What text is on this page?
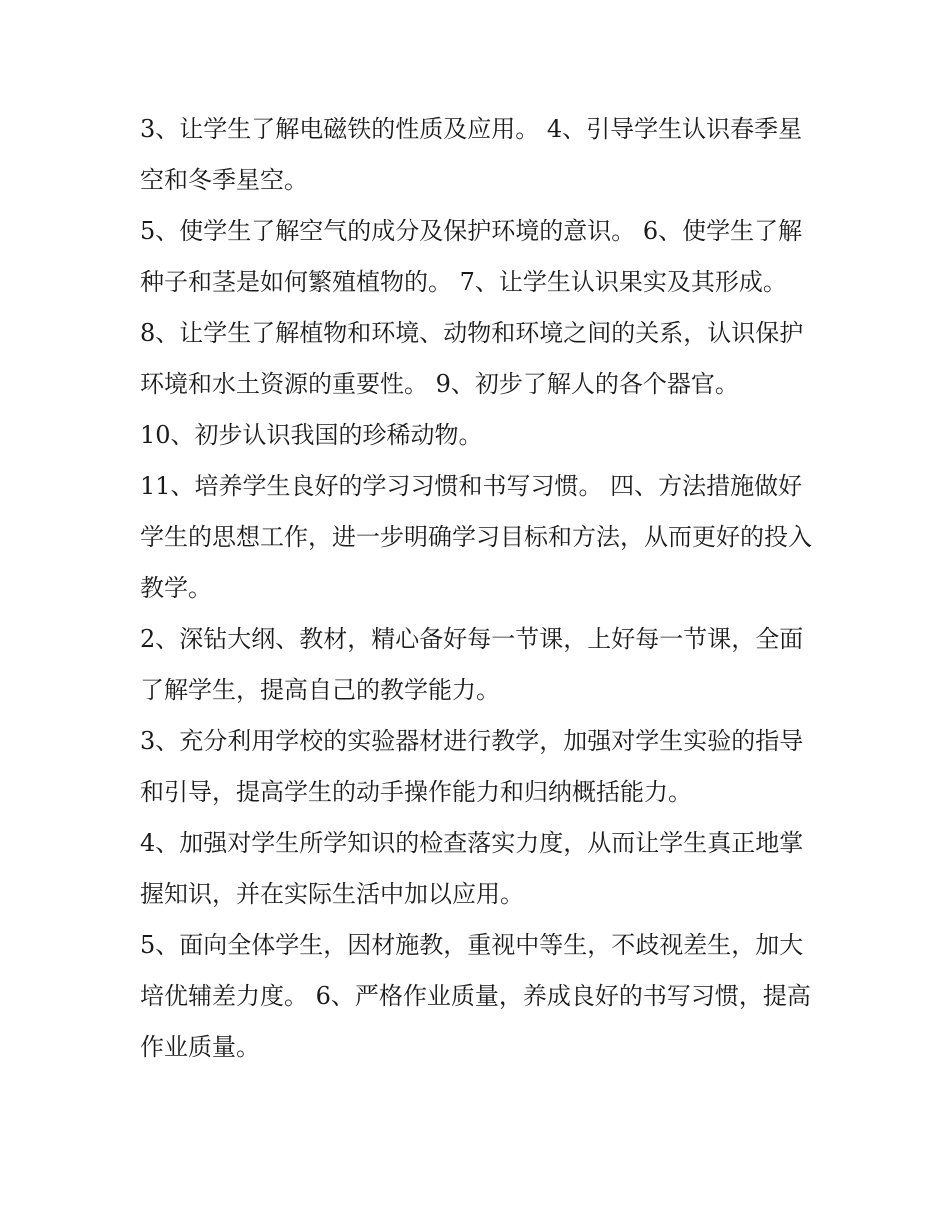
3、让学生了解电磁铁的性质及应用。 4、引导学生认识春季星空和冬季星空。

5、使学生了解空气的成分及保护环境的意识。 6、使学生了解种子和茎是如何繁殖植物的。 7、让学生认识果实及其形成。

8、让学生了解植物和环境、动物和环境之间的关系，认识保护环境和水土资源的重要性。 9、初步了解人的各个器官。

10、初步认识我国的珍稀动物。

11、培养学生良好的学习习惯和书写习惯。 四、方法措施做好学生的思想工作，进一步明确学习目标和方法，从而更好的投入教学。

2、深钻大纲、教材，精心备好每一节课，上好每一节课，全面了解学生，提高自己的教学能力。

3、充分利用学校的实验器材进行教学，加强对学生实验的指导和引导，提高学生的动手操作能力和归纳概括能力。

4、加强对学生所学知识的检查落实力度，从而让学生真正地掌握知识，并在实际生活中加以应用。

5、面向全体学生，因材施教，重视中等生，不歧视差生，加大培优辅差力度。 6、严格作业质量，养成良好的书写习惯，提高作业质量。
